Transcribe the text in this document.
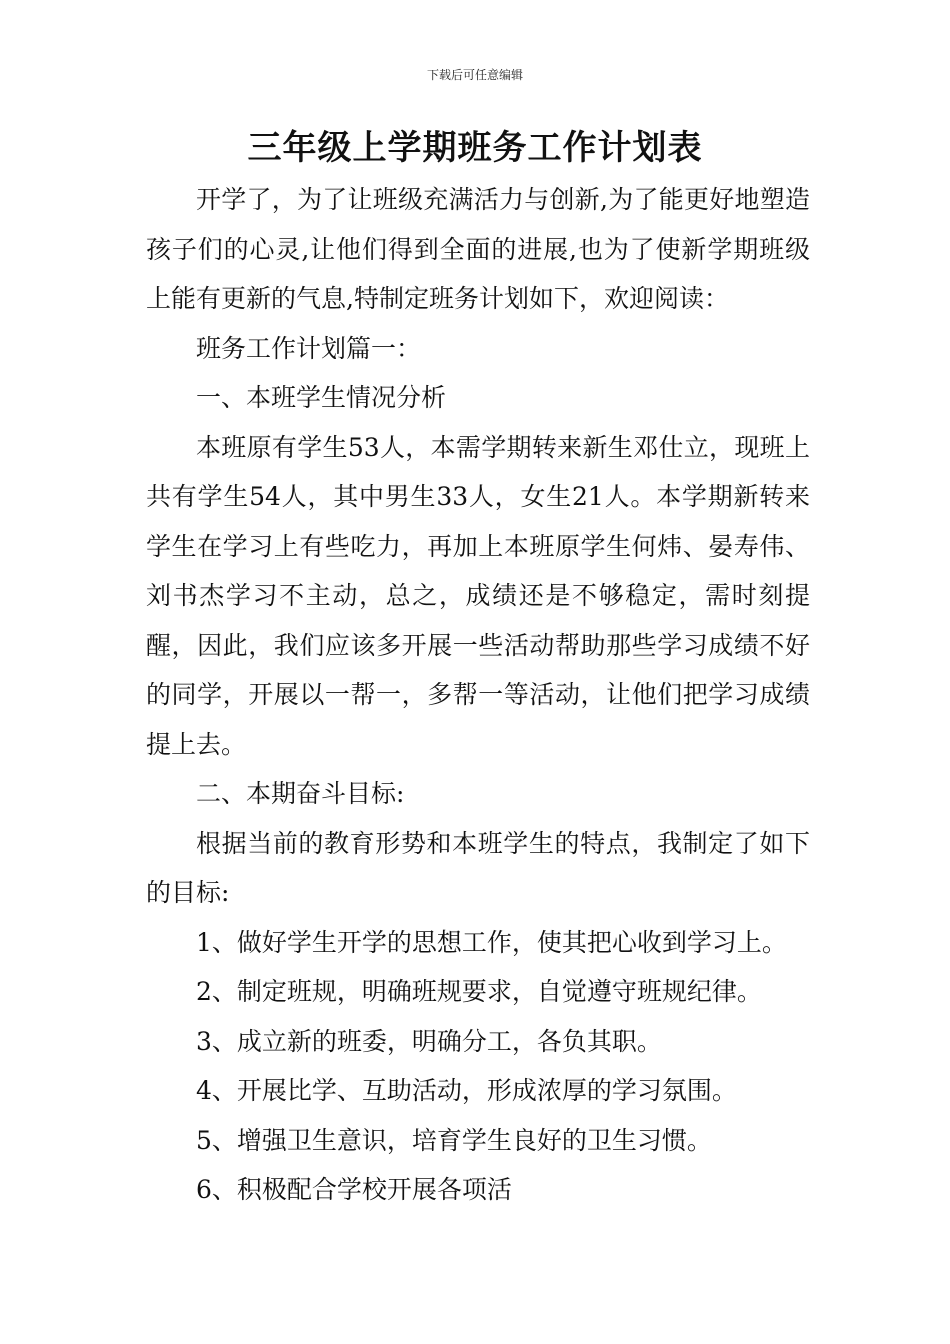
下载后可任意编辑
三年级上学期班务工作计划表

开学了，为了让班级充满活力与创新,为了能更好地塑造孩子们的心灵,让他们得到全面的进展,也为了使新学期班级上能有更新的气息,特制定班务计划如下，欢迎阅读：

班务工作计划篇一：

一、本班学生情况分析

本班原有学生53人，本需学期转来新生邓仕立，现班上共有学生54人，其中男生33人，女生21人。本学期新转来学生在学习上有些吃力，再加上本班原学生何炜、晏寿伟、刘书杰学习不主动，总之，成绩还是不够稳定，需时刻提醒，因此，我们应该多开展一些活动帮助那些学习成绩不好的同学，开展以一帮一，多帮一等活动，让他们把学习成绩提上去。

二、本期奋斗目标:

根据当前的教育形势和本班学生的特点，我制定了如下的目标:

1、做好学生开学的思想工作，使其把心收到学习上。

2、制定班规，明确班规要求，自觉遵守班规纪律。

3、成立新的班委，明确分工，各负其职。

4、开展比学、互助活动，形成浓厚的学习氛围。

5、增强卫生意识，培育学生良好的卫生习惯。

6、积极配合学校开展各项活
